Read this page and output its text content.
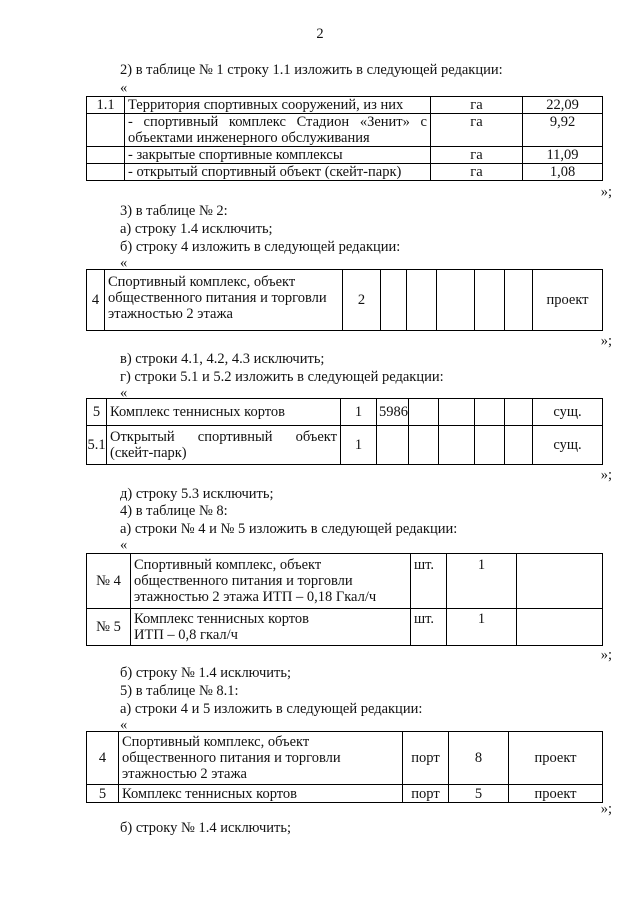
2
2) в таблице № 1 строку 1.1 изложить в следующей редакции:
«
1.1	Территория спортивных сооружений, из них	га	22,09

	- спортивный комплекс Стадион «Зенит» с
объектами инженерного обслуживания	га	9,92
	- закрытые спортивные комплексы	га	11,09
	- открытый спортивный объект (скейт-парк)	га	1,08
»;
3) в таблице № 2:
а) строку 1.4 исключить;
б) строку 4 изложить в следующей редакции:
«
4	
Спортивный комплекс, объект
общественного питания и торговли
этажностью 2 этажа
	2						проект
»;
в) строки 4.1, 4.2, 4.3 исключить;
г) строки 5.1 и 5.2 изложить в следующей редакции:
«
5	Комплекс теннисных кортов	1	5986					сущ.
5.1	Открытый спортивный объект
(скейт-парк)	1						сущ.
»;
д) строку 5.3 исключить;
4) в таблице № 8:
а) строки № 4 и № 5 изложить в следующей редакции:
«
№ 4	Спортивный комплекс, объект
общественного питания и торговли
этажностью 2 этажа ИТП – 0,18 Гкал/ч	шт.	1	
№ 5	Комплекс теннисных кортов
ИТП – 0,8 гкал/ч	шт.	1	
»;
б) строку № 1.4 исключить;
5) в таблице № 8.1:
а) строки 4 и 5 изложить в следующей редакции:
«
4	Спортивный комплекс, объект
общественного питания и торговли
этажностью 2 этажа	порт	8	проект
5	Комплекс теннисных кортов	порт	5	проект
»;
б) строку № 1.4 исключить;
